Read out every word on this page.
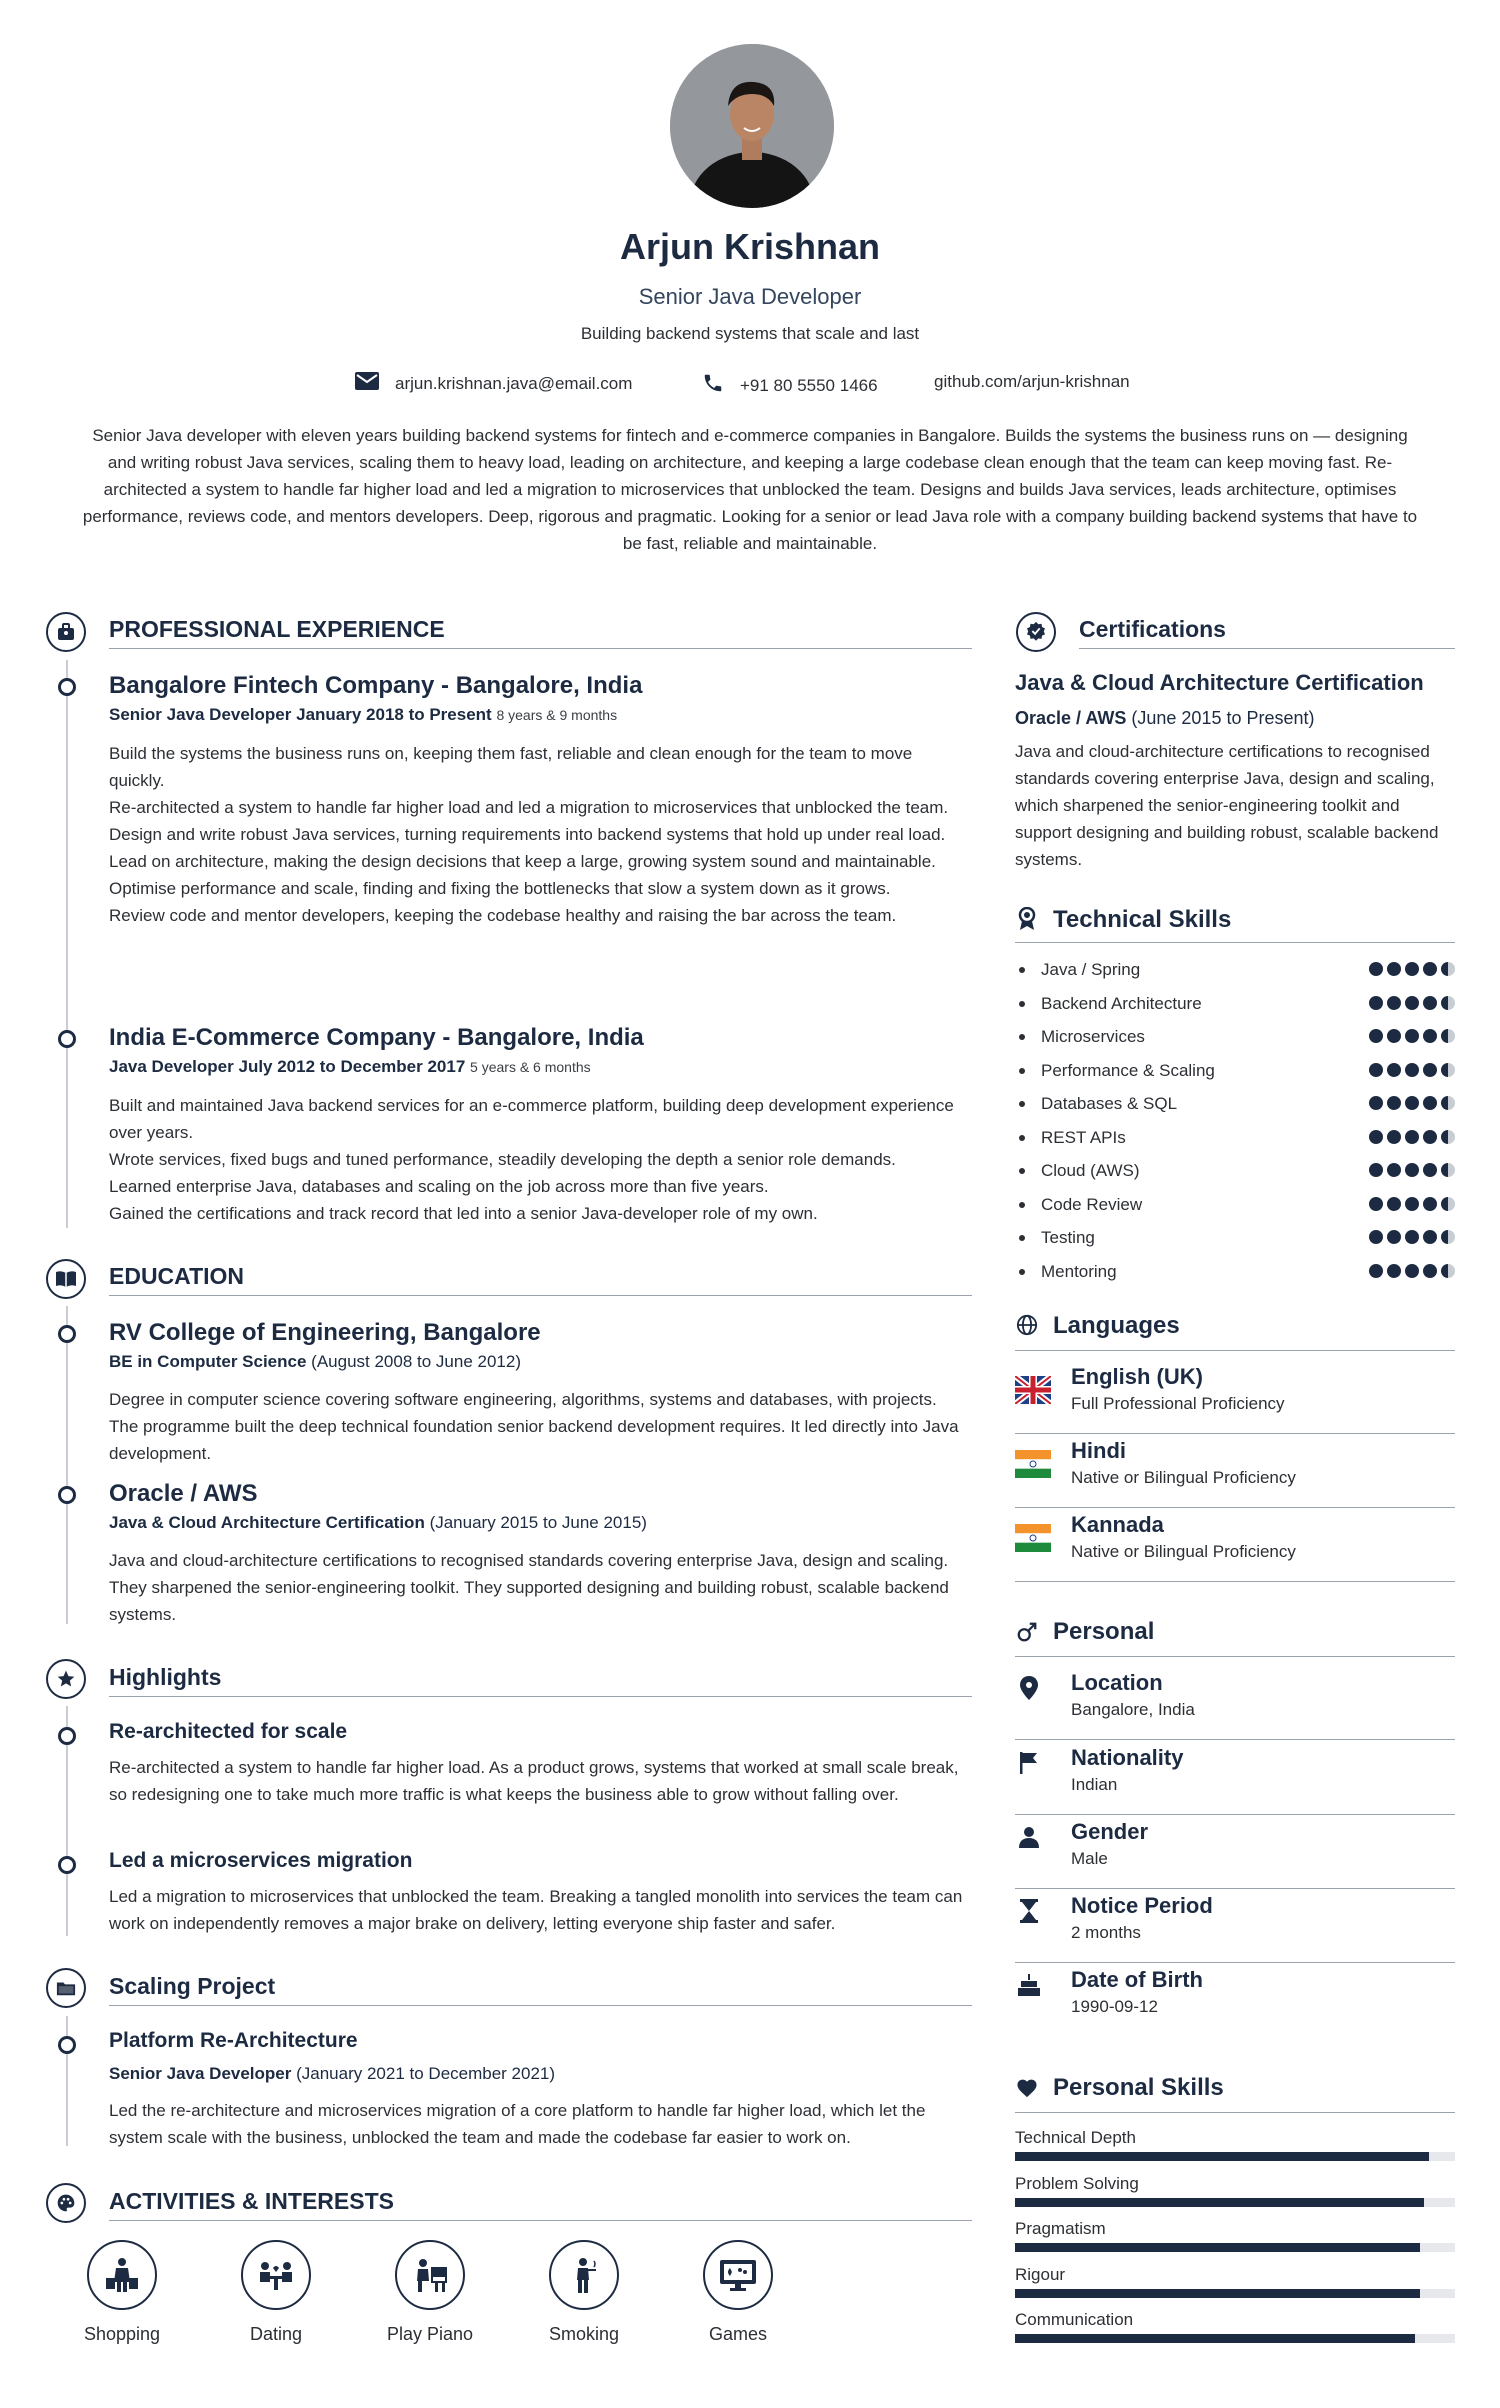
Arjun Krishnan
Senior Java Developer
Building backend systems that scale and last
arjun.krishnan.java@email.com	+91 80 5550 1466	github.com/arjun-krishnan
Senior Java developer with eleven years building backend systems for fintech and e-commerce companies in Bangalore. Builds the systems the business runs on — designing and writing robust Java services, scaling them to heavy load, leading on architecture, and keeping a large codebase clean enough that the team can keep moving fast. Re-architected a system to handle far higher load and led a migration to microservices that unblocked the team. Designs and builds Java services, leads architecture, optimises performance, reviews code, and mentors developers. Deep, rigorous and pragmatic. Looking for a senior or lead Java role with a company building backend systems that have to be fast, reliable and maintainable.
PROFESSIONAL EXPERIENCE
Bangalore Fintech Company - Bangalore, India
Senior Java Developer January 2018 to Present 8 years & 9 months

Build the systems the business runs on, keeping them fast, reliable and clean enough for the team to move quickly.

Re-architected a system to handle far higher load and led a migration to microservices that unblocked the team.

Design and write robust Java services, turning requirements into backend systems that hold up under real load.

Lead on architecture, making the design decisions that keep a large, growing system sound and maintainable.

Optimise performance and scale, finding and fixing the bottlenecks that slow a system down as it grows.

Review code and mentor developers, keeping the codebase healthy and raising the bar across the team.

India E-Commerce Company - Bangalore, India
Java Developer July 2012 to December 2017 5 years & 6 months

Built and maintained Java backend services for an e-commerce platform, building deep development experience over years.

Wrote services, fixed bugs and tuned performance, steadily developing the depth a senior role demands.

Learned enterprise Java, databases and scaling on the job across more than five years.

Gained the certifications and track record that led into a senior Java-developer role of my own.

EDUCATION
RV College of Engineering, Bangalore
BE in Computer Science (August 2008 to June 2012)
Degree in computer science covering software engineering, algorithms, systems and databases, with projects. The programme built the deep technical foundation senior backend development requires. It led directly into Java development.
Oracle / AWS
Java & Cloud Architecture Certification (January 2015 to June 2015)
Java and cloud-architecture certifications to recognised standards covering enterprise Java, design and scaling. They sharpened the senior-engineering toolkit. They supported designing and building robust, scalable backend systems.
Highlights
Re-architected for scale
Re-architected a system to handle far higher load. As a product grows, systems that worked at small scale break, so redesigning one to take much more traffic is what keeps the business able to grow without falling over.
Led a microservices migration
Led a migration to microservices that unblocked the team. Breaking a tangled monolith into services the team can work on independently removes a major brake on delivery, letting everyone ship faster and safer.
Scaling Project
Platform Re-Architecture
Senior Java Developer (January 2021 to December 2021)
Led the re-architecture and microservices migration of a core platform to handle far higher load, which let the system scale with the business, unblocked the team and made the codebase far easier to work on.
ACTIVITIES & INTERESTS
Shopping	Dating	Play Piano	Smoking	Games
Certifications
Java & Cloud Architecture Certification
Oracle / AWS (June 2015 to Present)
Java and cloud-architecture certifications to recognised standards covering enterprise Java, design and scaling, which sharpened the senior-engineering toolkit and support designing and building robust, scalable backend systems.
Technical Skills
Java / Spring
Backend Architecture
Microservices
Performance & Scaling
Databases & SQL
REST APIs
Cloud (AWS)
Code Review
Testing
Mentoring
Languages
English (UK)
Full Professional Proficiency
Hindi
Native or Bilingual Proficiency
Kannada
Native or Bilingual Proficiency
Personal
Location
Bangalore, India
Nationality
Indian
Gender
Male
Notice Period
2 months
Date of Birth
1990-09-12
Personal Skills
Technical Depth
Problem Solving
Pragmatism
Rigour
Communication
